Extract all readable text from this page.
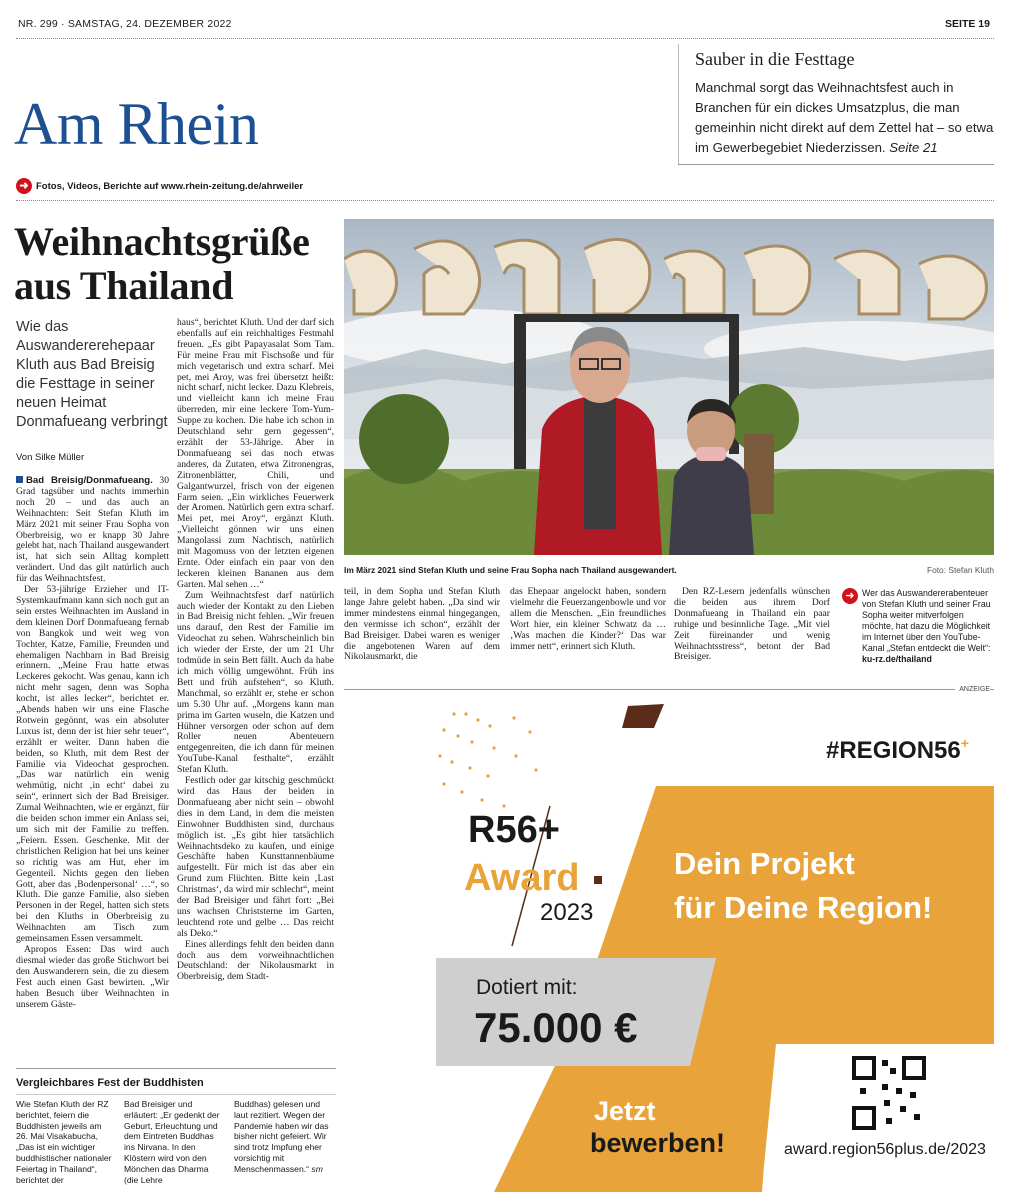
NR. 299 · SAMSTAG, 24. DEZEMBER 2022	SEITE 19
Am Rhein
Sauber in die Festtage
Manchmal sorgt das Weihnachtsfest auch in Branchen für ein dickes Umsatzplus, die man gemeinhin nicht direkt auf dem Zettel hat – so etwa im Gewerbegebiet Niederzissen. Seite 21
➜ Fotos, Videos, Berichte auf www.rhein-zeitung.de/ahrweiler
Weihnachtsgrüße
aus Thailand
Wie das Auswandererehepaar Kluth aus Bad Breisig die Festtage in seiner neuen Heimat Donmafueang verbringt
Von Silke Müller

Bad Breisig/Donmafueang. 30 Grad tagsüber und nachts immerhin noch 20 – und das auch an Weihnachten: Seit Stefan Kluth im März 2021 mit seiner Frau Sopha von Oberbreisig, wo er knapp 30 Jahre gelebt hat, nach Thailand ausgewandert ist, hat sich sein Alltag komplett verändert. Und das gilt natürlich auch für das Weihnachtsfest.

Der 53-jährige Erzieher und IT-Systemkaufmann kann sich noch gut an sein erstes Weihnachten im Ausland in dem kleinen Dorf Donmafueang fernab von Bangkok und weit weg von Tochter, Katze, Familie, Freunden und ehemaligen Nachbarn in Bad Breisig erinnern. „Meine Frau hatte etwas Leckeres gekocht. Was genau, kann ich nicht mehr sagen, denn was Sopha kocht, ist alles lecker“, berichtet er. „Abends haben wir uns eine Flasche Rotwein gegönnt, was ein absoluter Luxus ist, denn der ist hier sehr teuer“, erzählt er weiter. Dann haben die beiden, so Kluth, mit dem Rest der Familie via Videochat gesprochen. „Das war natürlich ein wenig wehmütig, nicht ‚in echt‘ dabei zu sein“, erinnert sich der Bad Breisiger. Zumal Weihnachten, wie er ergänzt, für die beiden schon immer ein Anlass sei, um sich mit der Familie zu treffen. „Feiern. Essen. Geschenke. Mit der christlichen Religion hat bei uns keiner so richtig was am Hut, eher im Gegenteil. Nichts gegen den lieben Gott, aber das ‚Bodenpersonal‘ …“, so Kluth. Die ganze Familie, also sieben Personen in der Regel, hatten sich stets bei den Kluths in Oberbreisig zu Weihnachten am Tisch zum gemeinsamen Essen versammelt.

Apropos Essen: Das wird auch diesmal wieder das große Stichwort bei den Auswanderern sein, die zu diesem Fest auch einen Gast bewirten. „Wir haben Besuch über Weihnachten in unserem Gäste-

haus“, berichtet Kluth. Und der darf sich ebenfalls auf ein reichhaltiges Festmahl freuen. „Es gibt Papayasalat Som Tam. Für meine Frau mit Fischsoße und für mich vegetarisch und extra scharf. Mei pet, mei Aroy, was frei übersetzt heißt: nicht scharf, nicht lecker. Dazu Klebreis, und vielleicht kann ich meine Frau überreden, mir eine leckere Tom-Yum-Suppe zu kochen. Die habe ich schon in Deutschland sehr gern gegessen“, erzählt der 53-Jährige. Aber in Donmafueang sei das noch etwas anderes, da Zutaten, etwa Zitronengras, Zitronenblätter, Chili, und Galgantwurzel, frisch von der eigenen Farm seien. „Ein wirkliches Feuerwerk der Aromen. Natürlich gern extra scharf. Mei pet, mei Aroy“, ergänzt Kluth. „Vielleicht gönnen wir uns einen Mangolassi zum Nachtisch, natürlich mit Magomuss von der letzten eigenen Ernte. Oder einfach ein paar von den leckeren kleinen Bananen aus dem Garten. Mal sehen …“

Zum Weihnachtsfest darf natürlich auch wieder der Kontakt zu den Lieben in Bad Breisig nicht fehlen. „Wir freuen uns darauf, den Rest der Familie im Videochat zu sehen. Wahrscheinlich bin ich wieder der Erste, der um 21 Uhr todmüde in sein Bett fällt. Auch da habe ich mich völlig umgewöhnt. Früh ins Bett und früh aufstehen“, so Kluth. Manchmal, so erzählt er, stehe er schon um 5.30 Uhr auf. „Morgens kann man prima im Garten wuseln, die Katzen und Hühner versorgen oder schon auf dem Roller neuen Abenteuern entgegenreiten, die ich dann für meinen YouTube-Kanal festhalte“, erzählt Stefan Kluth.

Festlich oder gar kitschig geschmückt wird das Haus der beiden in Donmafueang aber nicht sein – obwohl dies in dem Land, in dem die meisten Einwohner Buddhisten sind, durchaus möglich ist. „Es gibt hier tatsächlich Weihnachtsdeko zu kaufen, und einige Geschäfte haben Kunsttannenbäume aufgestellt. Für mich ist das aber ein Grund zum Flüchten. Bitte kein ‚Last Christmas‘, da wird mir schlecht“, meint der Bad Breisiger und fährt fort: „Bei uns wachsen Christsterne im Garten, leuchtend rote und gelbe … Das reicht als Deko.“

Eines allerdings fehlt den beiden dann doch aus dem vorweihnachtlichen Deutschland: der Nikolausmarkt in Oberbreisig, dem Stadt-

Im März 2021 sind Stefan Kluth und seine Frau Sopha nach Thailand ausgewandert.	Foto: Stefan Kluth

teil, in dem Sopha und Stefan Kluth lange Jahre gelebt haben. „Da sind wir immer mindestens einmal hingegangen, den vermisse ich schon“, erzählt der Bad Breisiger. Dabei waren es weniger die angebotenen Waren auf dem Nikolausmarkt, die

das Ehepaar angelockt haben, sondern vielmehr die Feuerzangenbowle und vor allem die Menschen. „Ein freundliches Wort hier, ein kleiner Schwatz da … ‚Was machen die Kinder?‘ Das war immer nett“, erinnert sich Kluth.

Den RZ-Lesern jedenfalls wünschen die beiden aus ihrem Dorf Donmafueang in Thailand ein paar ruhige und besinnliche Tage. „Mit viel Zeit füreinander und wenig Weihnachtsstress“, betont der Bad Breisiger.

➜ Wer das Auswandererabenteuer von Stefan Kluth und seiner Frau Sopha weiter mitverfolgen möchte, hat dazu die Möglichkeit im Internet über den YouTube-Kanal „Stefan entdeckt die Welt“: ku-rz.de/thailand
Vergleichbares Fest der Buddhisten
Wie Stefan Kluth der RZ berichtet, feiern die Buddhisten jeweils am 26. Mai Visakabucha, „Das ist ein wichtiger buddhistischer nationaler Feiertag in Thailand“, berichtet der
Bad Breisiger und erläutert: „Er gedenkt der Geburt, Erleuchtung und dem Eintreten Buddhas ins Nirvana. In den Klöstern wird von den Mönchen das Dharma (die Lehre
Buddhas) gelesen und laut rezitiert. Wegen der Pandemie haben wir das bisher nicht gefeiert. Wir sind trotz Impfung eher vorsichtig mit Menschenmassen.“ sm
ANZEIGE
#REGION56+
R56+
Award
2023
Dein Projekt
für Deine Region!
Dotiert mit:
75.000 €
Jetzt
bewerben!	award.region56plus.de/2023
